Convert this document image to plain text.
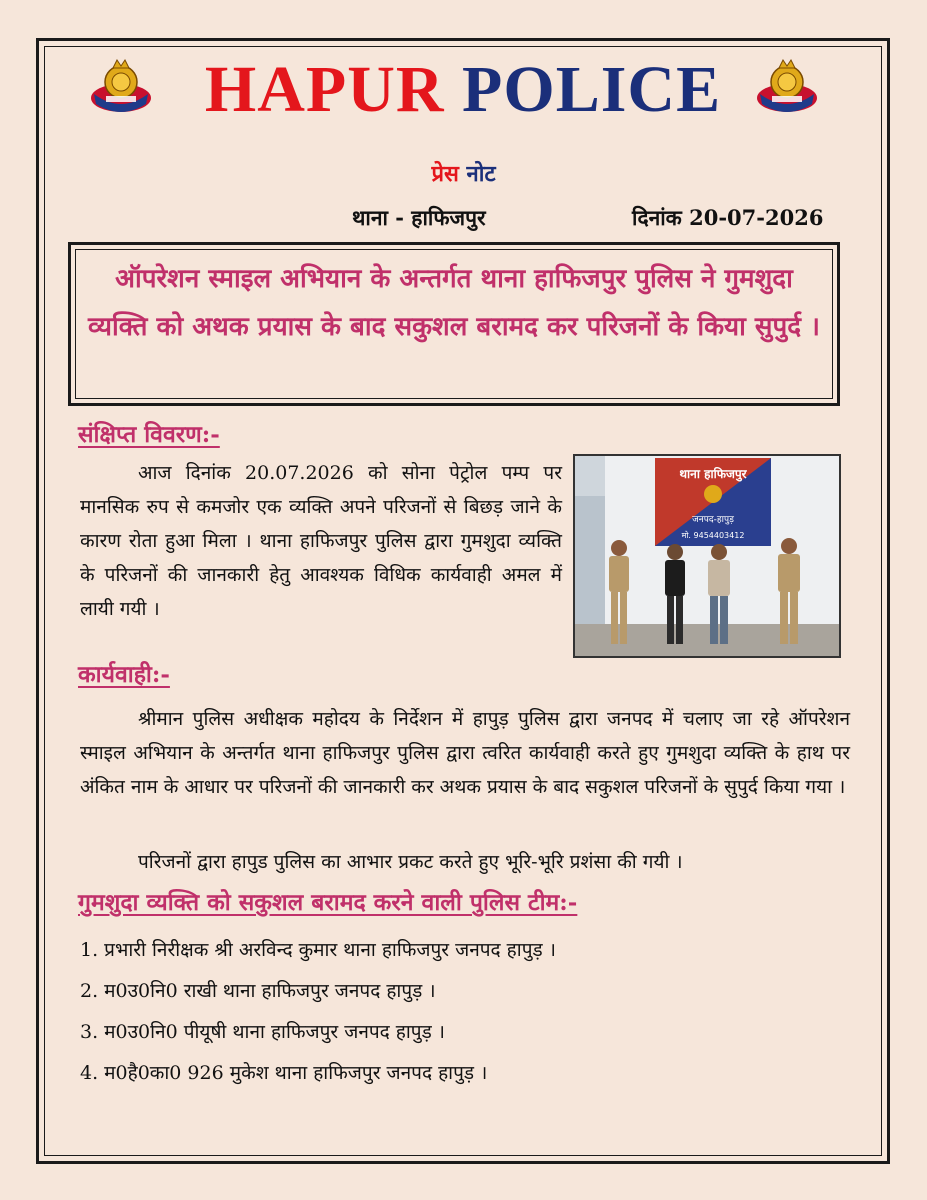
HAPUR POLICE
प्रेस नोट
थाना - हाफिजपुर	दिनांक 20-07-2026
ऑपरेशन स्माइल अभियान के अन्तर्गत थाना हाफिजपुर पुलिस ने गुमशुदा व्यक्ति को अथक प्रयास के बाद सकुशल बरामद कर परिजनों के किया सुपुर्द ।
संक्षिप्त विवरण:-
आज दिनांक 20.07.2026 को सोना पेट्रोल पम्प पर मानसिक रुप से कमजोर एक व्यक्ति अपने परिजनों से बिछड़ जाने के कारण रोता हुआ मिला । थाना हाफिजपुर पुलिस द्वारा गुमशुदा व्यक्ति के परिजनों की जानकारी हेतु आवश्यक विधिक कार्यवाही अमल में लायी गयी ।
थाना हाफिजपुर
जनपद-हापुड़
मो. 9454403412
कार्यवाही:-
श्रीमान पुलिस अधीक्षक महोदय के निर्देशन में हापुड़ पुलिस द्वारा जनपद में चलाए जा रहे ऑपरेशन स्माइल अभियान के अन्तर्गत थाना हाफिजपुर पुलिस द्वारा त्वरित कार्यवाही करते हुए गुमशुदा व्यक्ति के हाथ पर अंकित नाम के आधार पर परिजनों की जानकारी कर अथक प्रयास के बाद सकुशल परिजनों के सुपुर्द किया गया ।
परिजनों द्वारा हापुड पुलिस का आभार प्रकट करते हुए भूरि-भूरि प्रशंसा की गयी ।
गुमशुदा व्यक्ति को सकुशल बरामद करने वाली पुलिस टीम:-
1. प्रभारी निरीक्षक श्री अरविन्द कुमार थाना हाफिजपुर जनपद हापुड़ ।
2. म0उ0नि0 राखी थाना हाफिजपुर जनपद हापुड़ ।
3. म0उ0नि0 पीयूषी थाना हाफिजपुर जनपद हापुड़ ।
4. म0है0का0 926 मुकेश थाना हाफिजपुर जनपद हापुड़ ।
